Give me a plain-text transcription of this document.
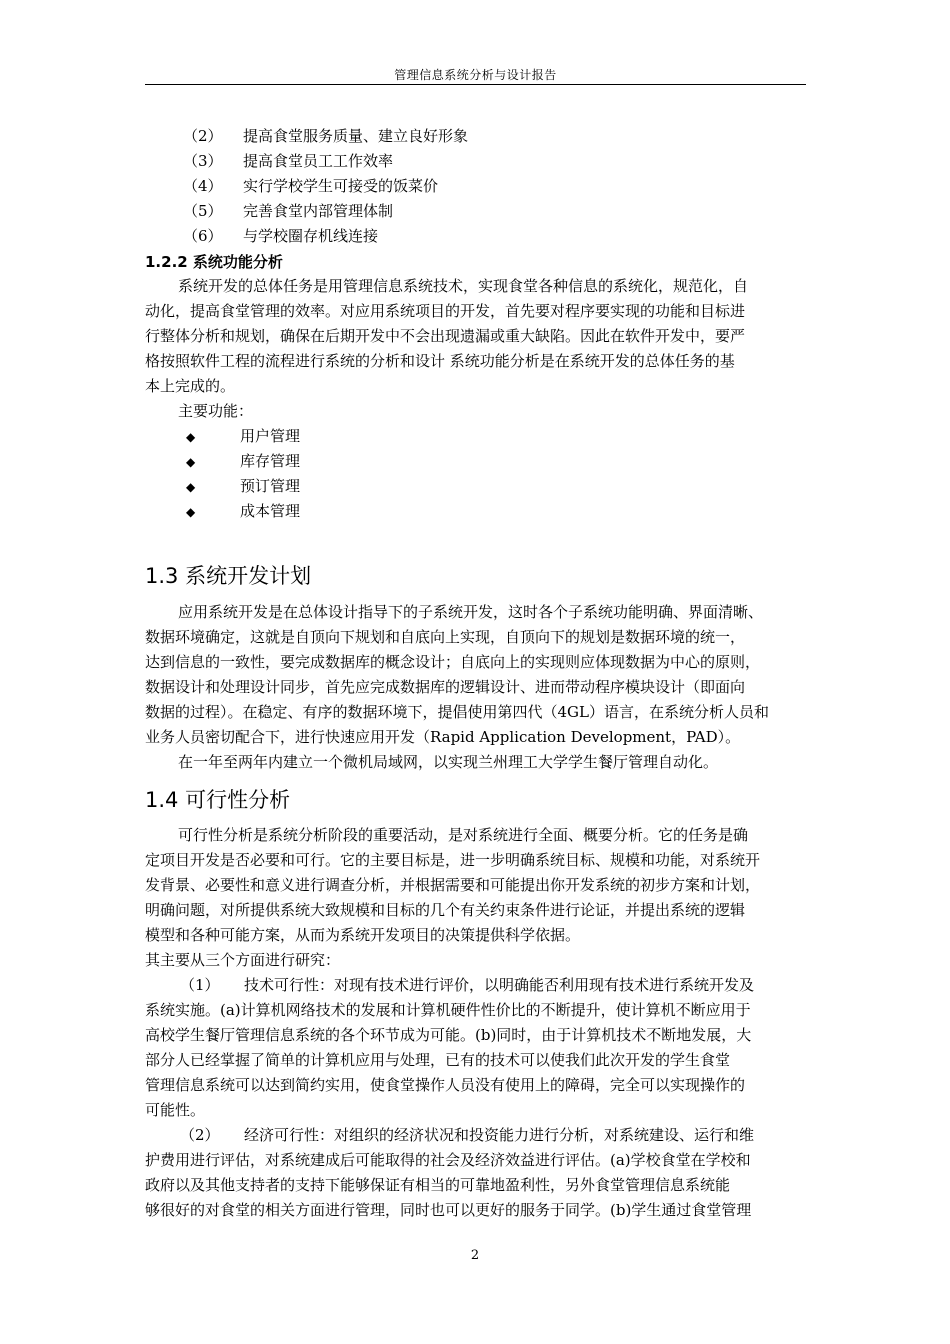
管理信息系统分析与设计报告
（2） 提高食堂服务质量、建立良好形象
（3） 提高食堂员工工作效率
（4） 实行学校学生可接受的饭菜价
（5） 完善食堂内部管理体制
（6） 与学校圈存机线连接
1.2.2 系统功能分析
系统开发的总体任务是用管理信息系统技术，实现食堂各种信息的系统化，规范化，自
动化，提高食堂管理的效率。对应用系统项目的开发，首先要对程序要实现的功能和目标进
行整体分析和规划，确保在后期开发中不会出现遗漏或重大缺陷。因此在软件开发中，要严
格按照软件工程的流程进行系统的分析和设计 系统功能分析是在系统开发的总体任务的基
本上完成的。
主要功能：
◆	用户管理
◆	库存管理
◆	预订管理
◆	成本管理
1.3 系统开发计划
应用系统开发是在总体设计指导下的子系统开发，这时各个子系统功能明确、界面清晰、
数据环境确定，这就是自顶向下规划和自底向上实现，自顶向下的规划是数据环境的统一，
达到信息的一致性，要完成数据库的概念设计；自底向上的实现则应体现数据为中心的原则，
数据设计和处理设计同步，首先应完成数据库的逻辑设计、进而带动程序模块设计（即面向
数据的过程）。在稳定、有序的数据环境下，提倡使用第四代（4GL）语言，在系统分析人员和
业务人员密切配合下，进行快速应用开发（Rapid Application Development，PAD）。
在一年至两年内建立一个微机局域网，以实现兰州理工大学学生餐厅管理自动化。
1.4 可行性分析
可行性分析是系统分析阶段的重要活动，是对系统进行全面、概要分析。它的任务是确
定项目开发是否必要和可行。它的主要目标是，进一步明确系统目标、规模和功能，对系统开
发背景、必要性和意义进行调查分析，并根据需要和可能提出你开发系统的初步方案和计划，
明确问题，对所提供系统大致规模和目标的几个有关约束条件进行论证，并提出系统的逻辑
模型和各种可能方案，从而为系统开发项目的决策提供科学依据。
其主要从三个方面进行研究：
（1） 技术可行性：对现有技术进行评价，以明确能否利用现有技术进行系统开发及
系统实施。(a)计算机网络技术的发展和计算机硬件性价比的不断提升，使计算机不断应用于
高校学生餐厅管理信息系统的各个环节成为可能。(b)同时，由于计算机技术不断地发展，大
部分人已经掌握了简单的计算机应用与处理，已有的技术可以使我们此次开发的学生食堂
管理信息系统可以达到简约实用，使食堂操作人员没有使用上的障碍，完全可以实现操作的
可能性。
（2） 经济可行性：对组织的经济状况和投资能力进行分析，对系统建设、运行和维
护费用进行评估，对系统建成后可能取得的社会及经济效益进行评估。(a)学校食堂在学校和
政府以及其他支持者的支持下能够保证有相当的可靠地盈利性，另外食堂管理信息系统能
够很好的对食堂的相关方面进行管理，同时也可以更好的服务于同学。(b)学生通过食堂管理
2
